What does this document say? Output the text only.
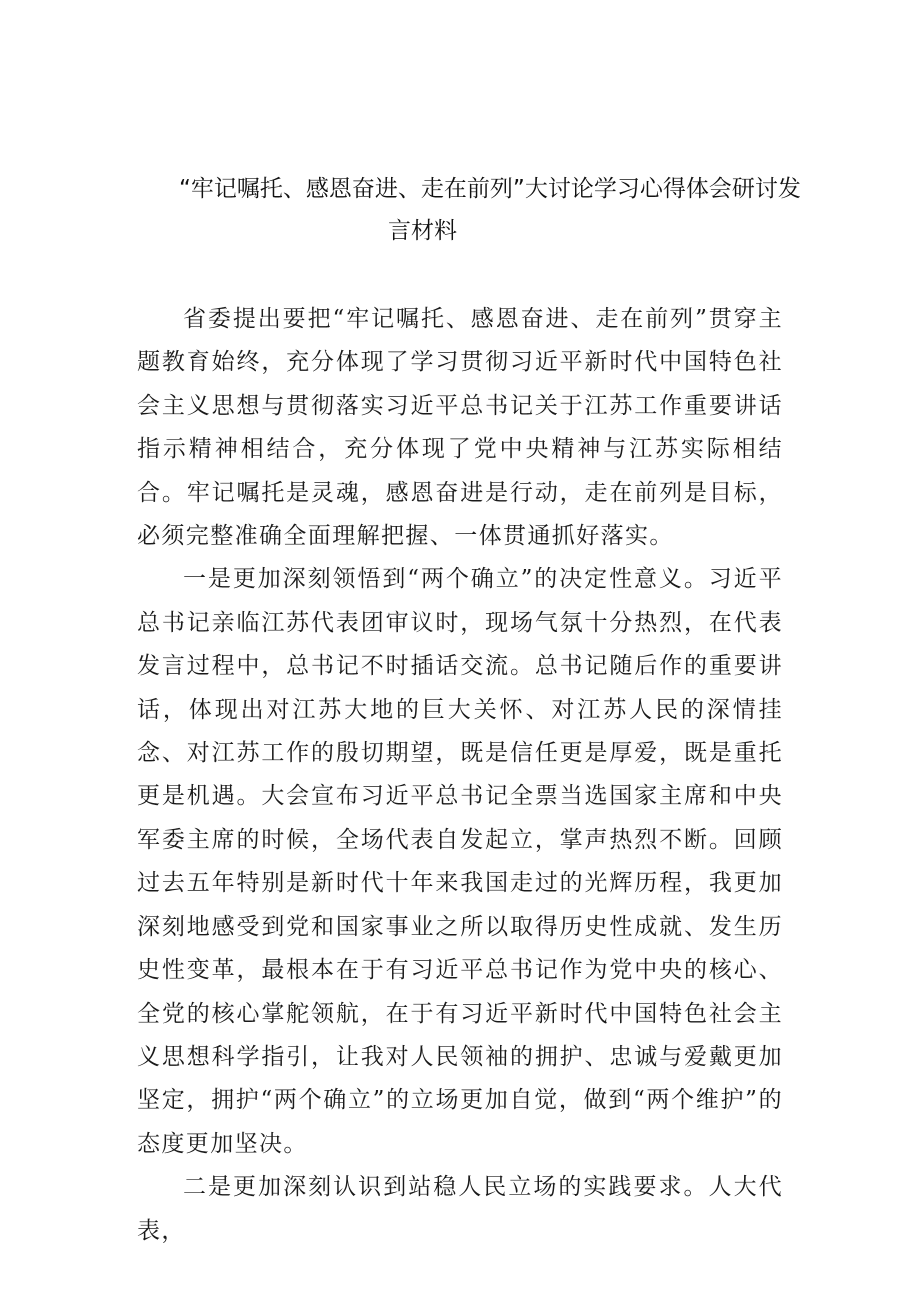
“牢记嘱托、感恩奋进、走在前列”大讨论学习心得体会研讨发
言材料

省委提出要把“牢记嘱托、感恩奋进、走在前列”贯穿主题教育始终，充分体现了学习贯彻习近平新时代中国特色社会主义思想与贯彻落实习近平总书记关于江苏工作重要讲话指示精神相结合，充分体现了党中央精神与江苏实际相结合。牢记嘱托是灵魂，感恩奋进是行动，走在前列是目标，必须完整准确全面理解把握、一体贯通抓好落实。

一是更加深刻领悟到“两个确立”的决定性意义。习近平总书记亲临江苏代表团审议时，现场气氛十分热烈，在代表发言过程中，总书记不时插话交流。总书记随后作的重要讲话，体现出对江苏大地的巨大关怀、对江苏人民的深情挂念、对江苏工作的殷切期望，既是信任更是厚爱，既是重托更是机遇。大会宣布习近平总书记全票当选国家主席和中央军委主席的时候，全场代表自发起立，掌声热烈不断。回顾过去五年特别是新时代十年来我国走过的光辉历程，我更加深刻地感受到党和国家事业之所以取得历史性成就、发生历史性变革，最根本在于有习近平总书记作为党中央的核心、全党的核心掌舵领航，在于有习近平新时代中国特色社会主义思想科学指引，让我对人民领袖的拥护、忠诚与爱戴更加坚定，拥护“两个确立”的立场更加自觉，做到“两个维护”的态度更加坚决。

二是更加深刻认识到站稳人民立场的实践要求。人大代表，
